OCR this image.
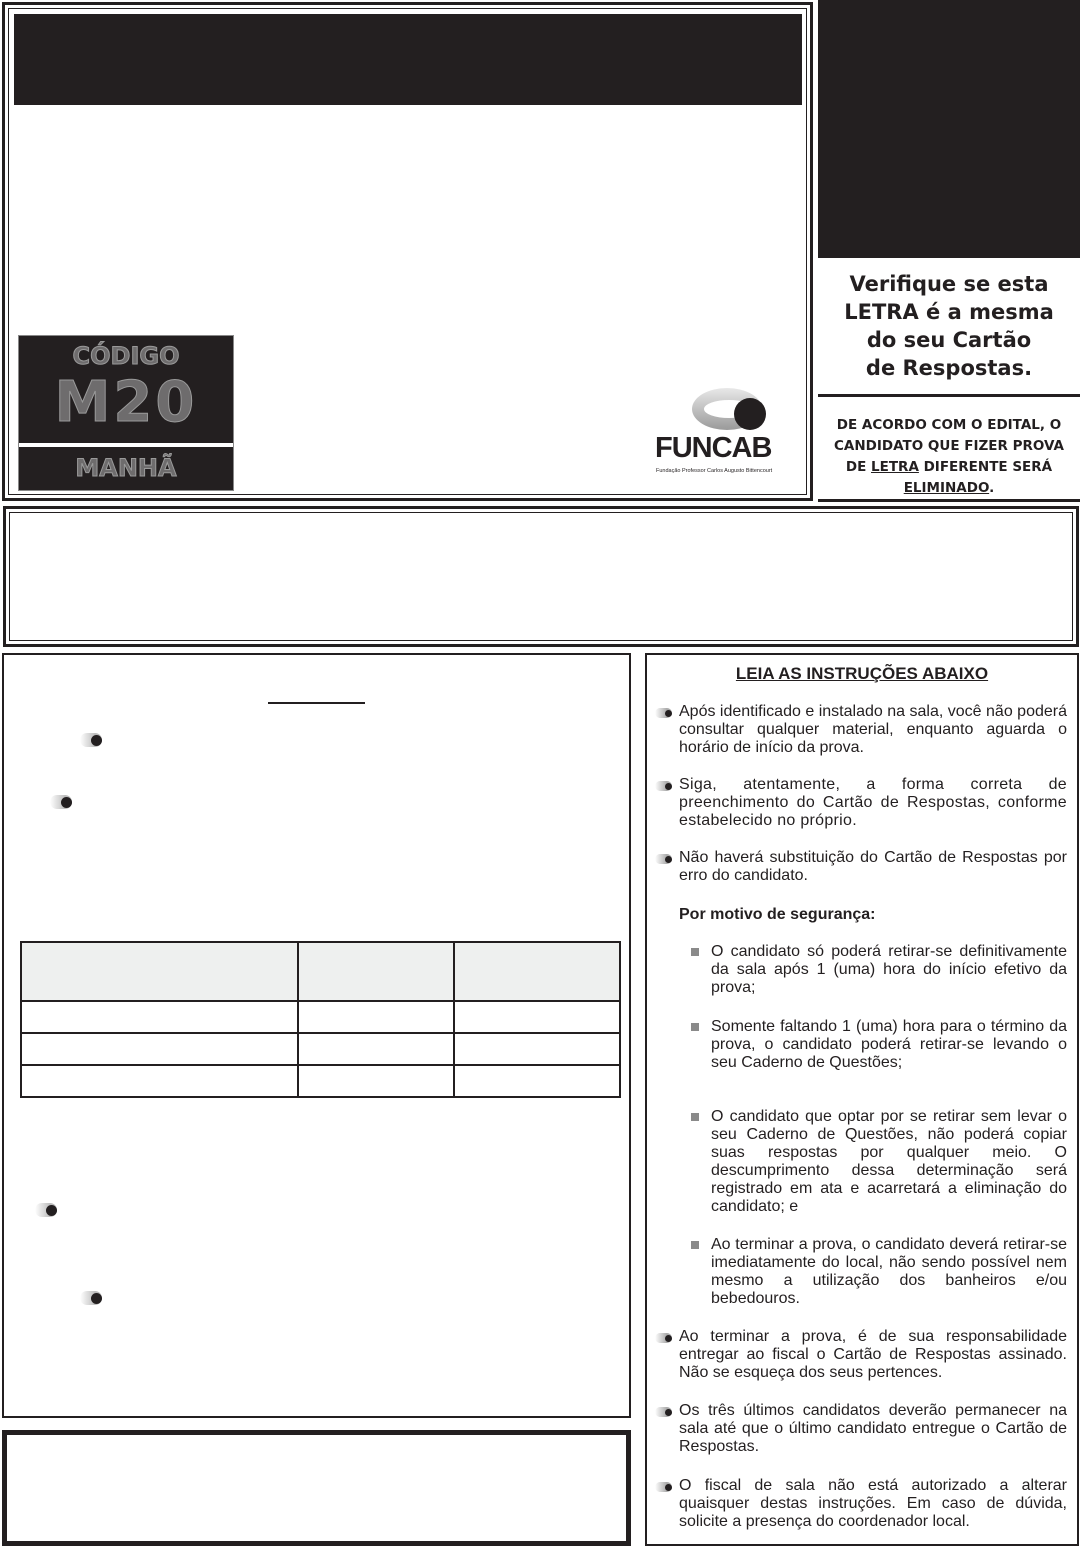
CÓDIGO
M20
MANHÃ
FUNCAB
Fundação Professor Carlos Augusto Bittencourt
Verifique se esta
LETRA é a mesma
do seu Cartão
de Respostas.
DE ACORDO COM O EDITAL, O CANDIDATO QUE FIZER PROVA DE LETRA DIFERENTE SERÁ ELIMINADO.

LEIA AS INSTRUÇÕES ABAIXO
Após identificado e instalado na sala, você não poderá consultar qualquer material, enquanto aguarda o horário de início da prova.
Siga, atentamente, a forma correta de preenchimento do Cartão de Respostas, conforme estabelecido no próprio.
Não haverá substituição do Cartão de Respostas por erro do candidato.
Por motivo de segurança:
O candidato só poderá retirar-se definitivamente da sala após 1 (uma) hora do início efetivo da prova;
Somente faltando 1 (uma) hora para o término da prova, o candidato poderá retirar-se levando o seu Caderno de Questões;
O candidato que optar por se retirar sem levar o seu Caderno de Questões, não poderá copiar suas respostas por qualquer meio. O descumprimento dessa determinação será registrado em ata e acarretará a eliminação do candidato; e
Ao terminar a prova, o candidato deverá retirar-se imediatamente do local, não sendo possível nem mesmo a utilização dos banheiros e/ou bebedouros.
Ao terminar a prova, é de sua responsabilidade entregar ao fiscal o Cartão de Respostas assinado. Não se esqueça dos seus pertences.
Os três últimos candidatos deverão permanecer na sala até que o último candidato entregue o Cartão de Respostas.
O fiscal de sala não está autorizado a alterar quaisquer destas instruções. Em caso de dúvida, solicite a presença do coordenador local.
